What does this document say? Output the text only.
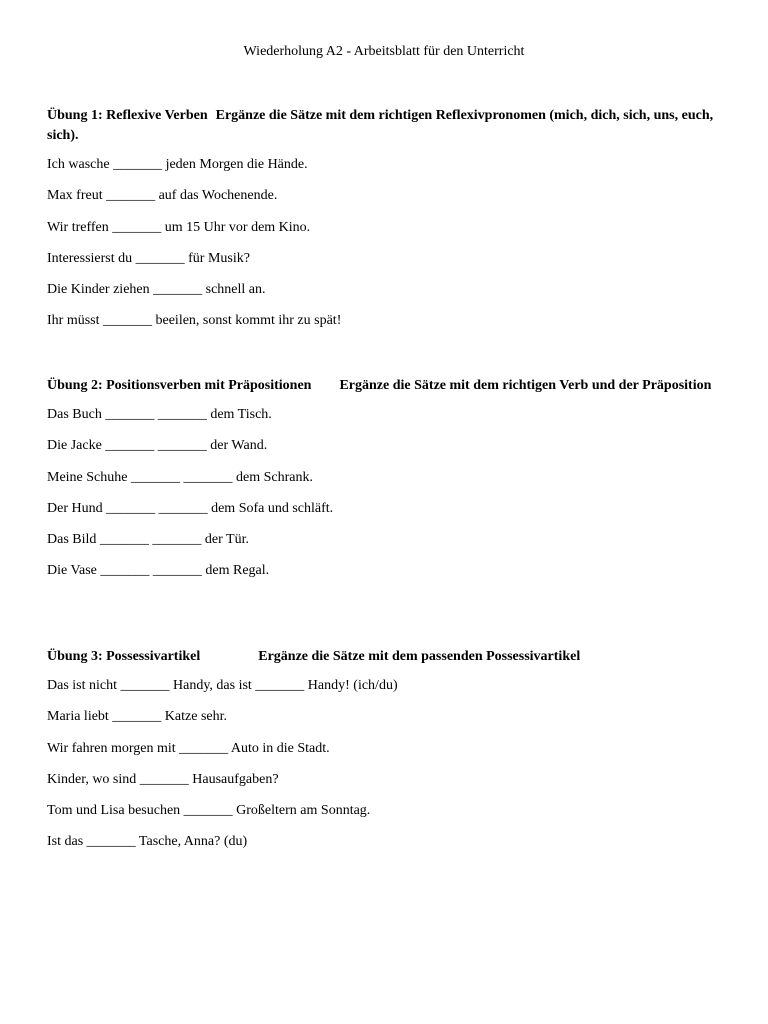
Wiederholung A2 - Arbeitsblatt für den Unterricht
Übung 1: Reflexive Verben Ergänze die Sätze mit dem richtigen Reflexivpronomen (mich, dich, sich, uns, euch, sich).
Ich wasche _______ jeden Morgen die Hände.
Max freut _______ auf das Wochenende.
Wir treffen _______ um 15 Uhr vor dem Kino.
Interessierst du _______ für Musik?
Die Kinder ziehen _______ schnell an.
Ihr müsst _______ beeilen, sonst kommt ihr zu spät!
Übung 2: Positionsverben mit Präpositionen Ergänze die Sätze mit dem richtigen Verb und der Präposition
Das Buch _______ _______ dem Tisch.
Die Jacke _______ _______ der Wand.
Meine Schuhe _______ _______ dem Schrank.
Der Hund _______ _______ dem Sofa und schläft.
Das Bild _______ _______ der Tür.
Die Vase _______ _______ dem Regal.
Übung 3: Possessivartikel	Ergänze die Sätze mit dem passenden Possessivartikel
Das ist nicht _______ Handy, das ist _______ Handy! (ich/du)
Maria liebt _______ Katze sehr.
Wir fahren morgen mit _______ Auto in die Stadt.
Kinder, wo sind _______ Hausaufgaben?
Tom und Lisa besuchen _______ Großeltern am Sonntag.
Ist das _______ Tasche, Anna? (du)
